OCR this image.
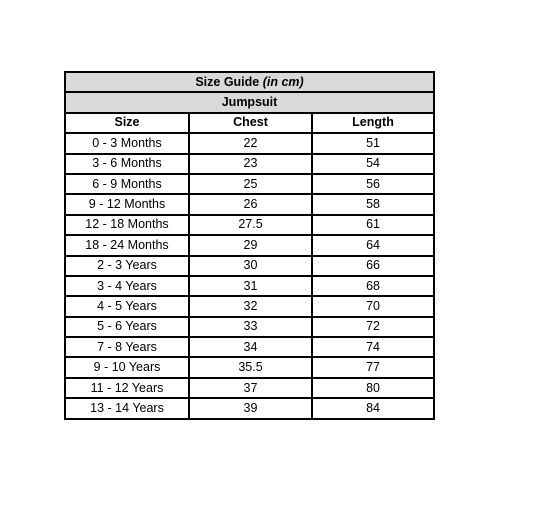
Size Guide (in cm)		
Jumpsuit		
Size	Chest	Length
0 - 3 Months	22	51
3 - 6 Months	23	54
6 - 9 Months	25	56
9 - 12 Months	26	58
12 - 18 Months	27.5	61
18 - 24 Months	29	64
2 - 3 Years	30	66
3 - 4 Years	31	68
4 - 5 Years	32	70
5 - 6 Years	33	72
7 - 8 Years	34	74
9 - 10 Years	35.5	77
11 - 12 Years	37	80
13 - 14 Years	39	84
